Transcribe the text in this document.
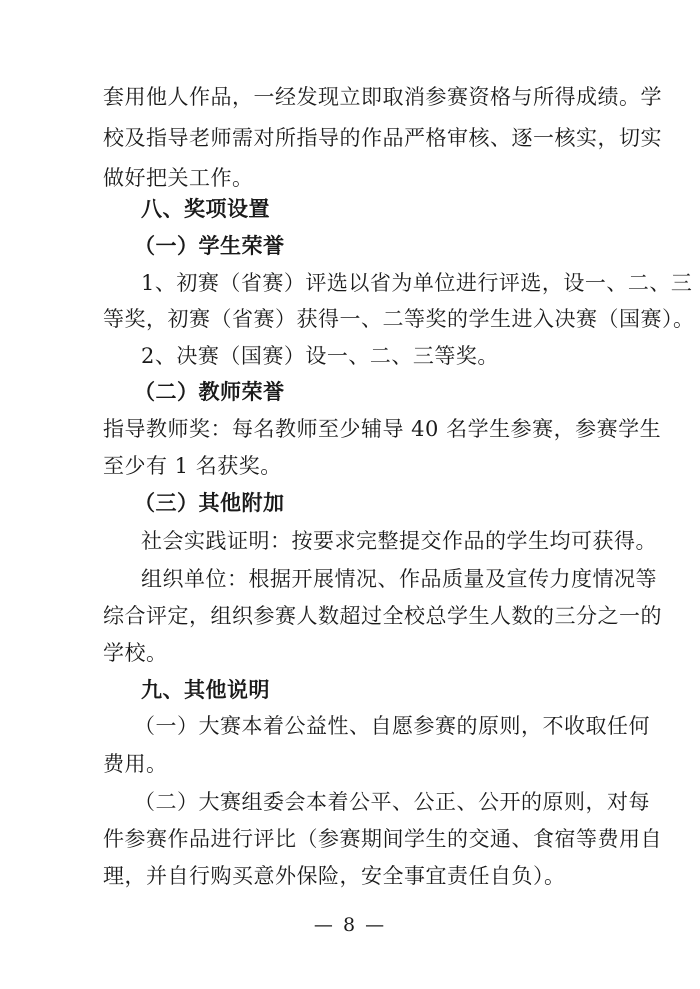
套用他人作品，一经发现立即取消参赛资格与所得成绩。学
校及指导老师需对所指导的作品严格审核、逐一核实，切实
做好把关工作。
八、奖项设置
（一）学生荣誉
1、初赛（省赛）评选以省为单位进行评选，设一、二、三
等奖，初赛（省赛）获得一、二等奖的学生进入决赛（国赛）。
2、决赛（国赛）设一、二、三等奖。
（二）教师荣誉
指导教师奖：每名教师至少辅导 40 名学生参赛，参赛学生
至少有 1 名获奖。
（三）其他附加
社会实践证明：按要求完整提交作品的学生均可获得。
组织单位：根据开展情况、作品质量及宣传力度情况等
综合评定，组织参赛人数超过全校总学生人数的三分之一的
学校。
九、其他说明
（一）大赛本着公益性、自愿参赛的原则，不收取任何
费用。
（二）大赛组委会本着公平、公正、公开的原则，对每
件参赛作品进行评比（参赛期间学生的交通、食宿等费用自
理，并自行购买意外保险，安全事宜责任自负）。
— 8 —
